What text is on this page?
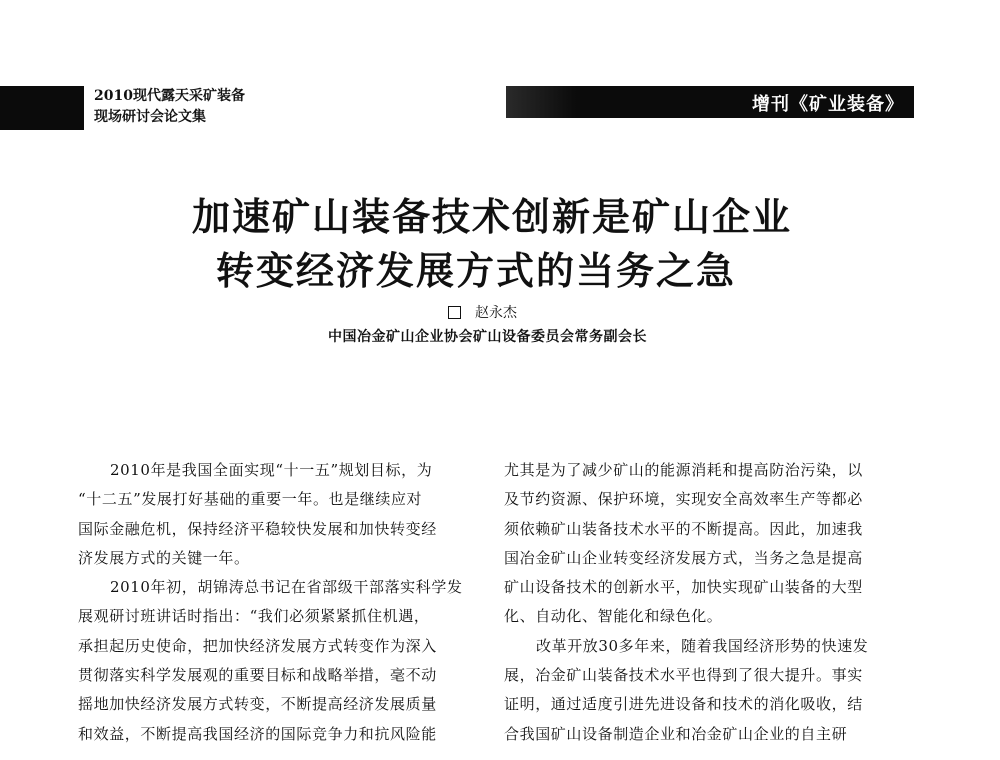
2010现代露天采矿装备
现场研讨会论文集
增刊《矿业装备》
加速矿山装备技术创新是矿山企业
转变经济发展方式的当务之急
赵永杰
中国冶金矿山企业协会矿山设备委员会常务副会长
2010年是我国全面实现“十一五”规划目标，为
“十二五”发展打好基础的重要一年。也是继续应对
国际金融危机，保持经济平稳较快发展和加快转变经
济发展方式的关键一年。
2010年初，胡锦涛总书记在省部级干部落实科学发
展观研讨班讲话时指出：“我们必须紧紧抓住机遇，
承担起历史使命，把加快经济发展方式转变作为深入
贯彻落实科学发展观的重要目标和战略举措，毫不动
摇地加快经济发展方式转变，不断提高经济发展质量
和效益，不断提高我国经济的国际竞争力和抗风险能
尤其是为了减少矿山的能源消耗和提高防治污染，以
及节约资源、保护环境，实现安全高效率生产等都必
须依赖矿山装备技术水平的不断提高。因此，加速我
国冶金矿山企业转变经济发展方式，当务之急是提高
矿山设备技术的创新水平，加快实现矿山装备的大型
化、自动化、智能化和绿色化。
改革开放30多年来，随着我国经济形势的快速发
展，冶金矿山装备技术水平也得到了很大提升。事实
证明，通过适度引进先进设备和技术的消化吸收，结
合我国矿山设备制造企业和冶金矿山企业的自主研
